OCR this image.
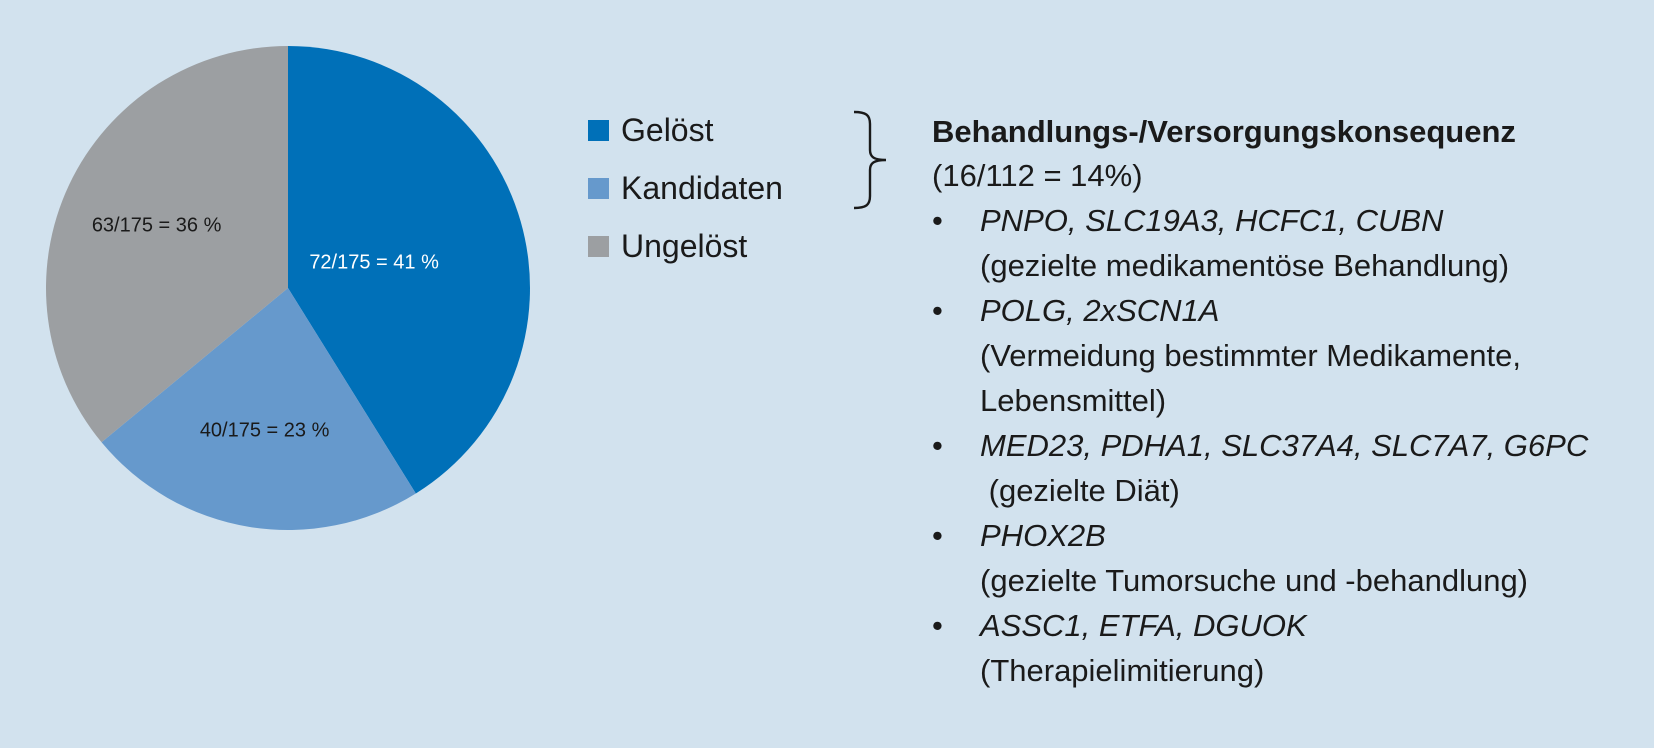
72/175 = 41 %
40/175 = 23 %
63/175 = 36 %
Gelöst
Kandidaten
Ungelöst
Behandlungs-/Versorgungskonsequenz
(16/112 = 14%)
• PNPO, SLC19A3, HCFC1, CUBN
(gezielte medikamentöse Behandlung)
• POLG, 2xSCN1A
(Vermeidung bestimmter Medikamente,
Lebensmittel)
• MED23, PDHA1, SLC37A4, SLC7A7, G6PC
(gezielte Diät)
• PHOX2B
(gezielte Tumorsuche und -behandlung)
• ASSC1, ETFA, DGUOK
(Therapielimitierung)
